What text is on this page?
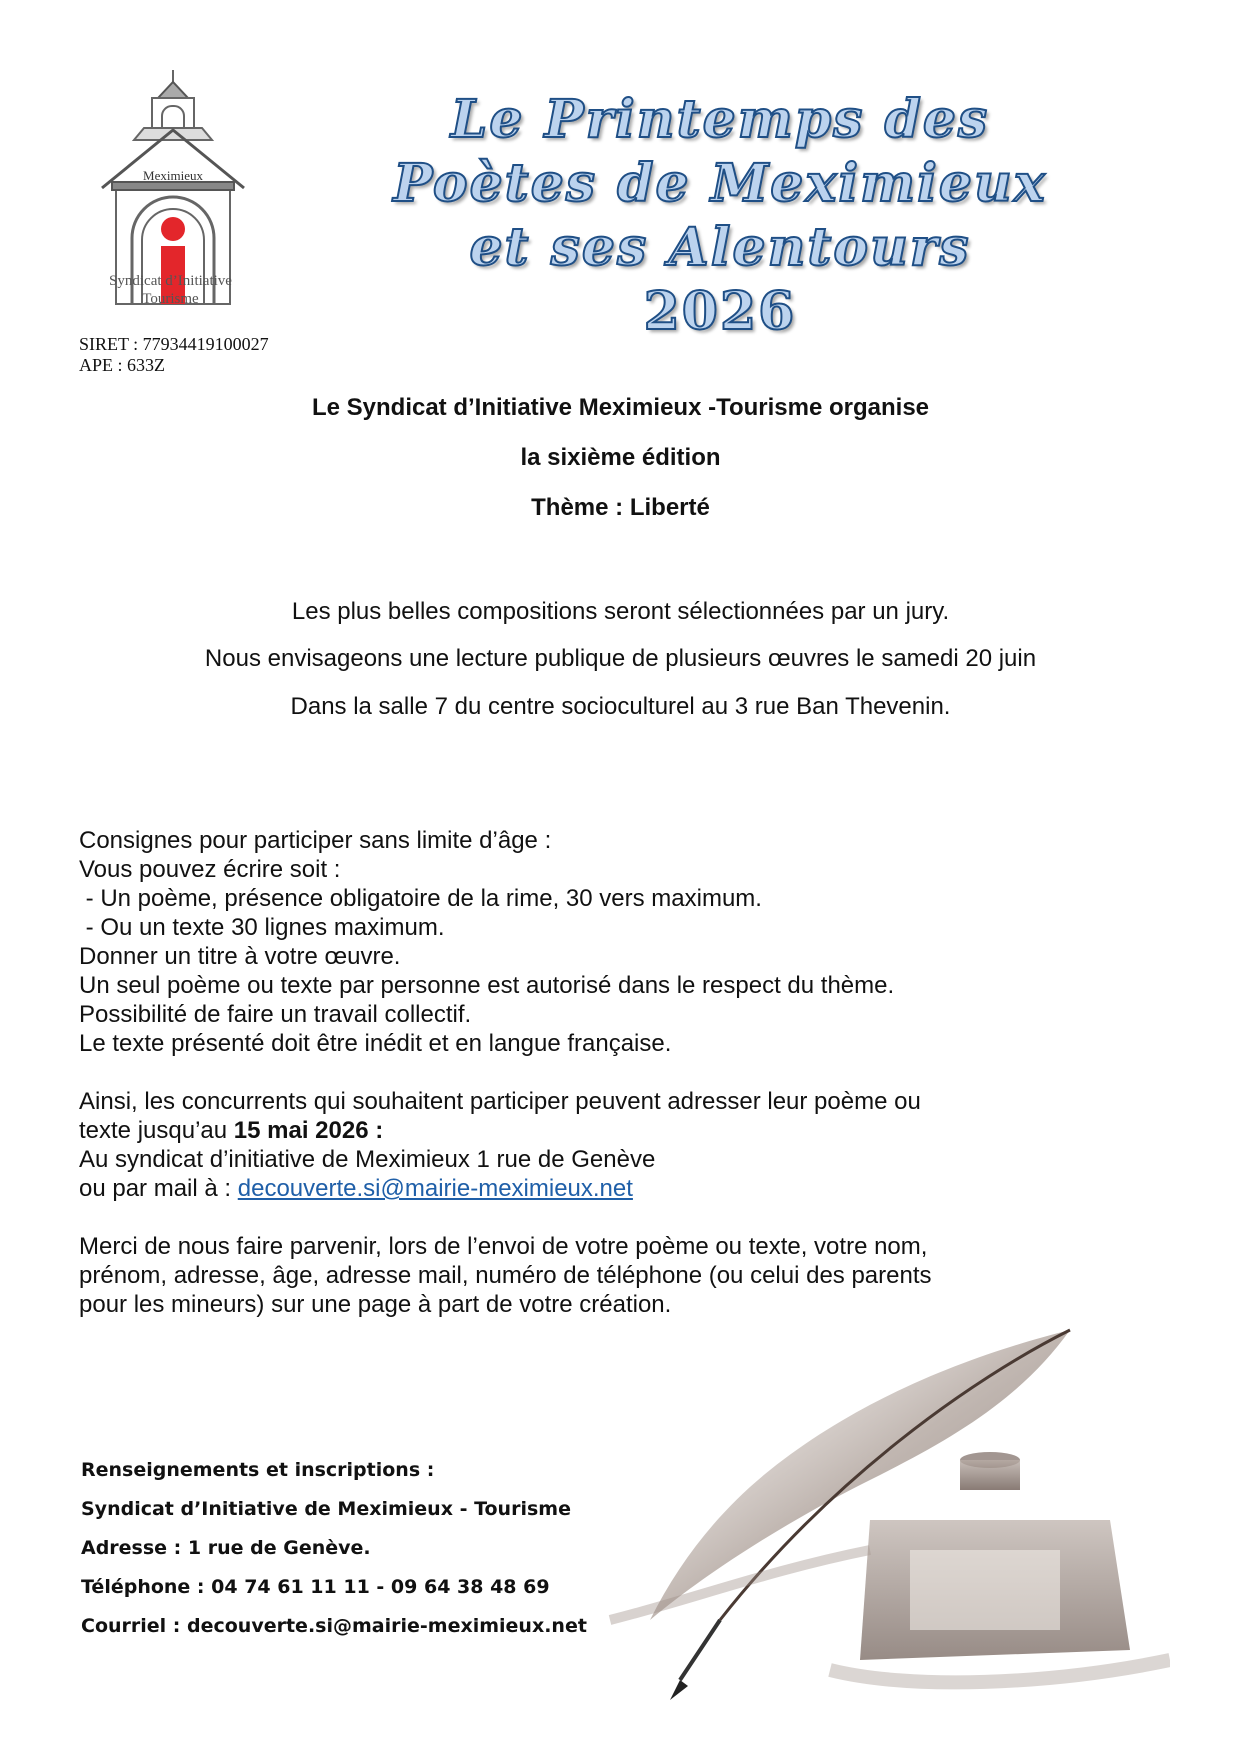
Meximieux
Syndicat d’Initiative
Tourisme
SIRET : 77934419100027
APE : 633Z
Le Printemps des
Poètes de Meximieux
et ses Alentours
2026
Le Syndicat d’Initiative Meximieux -Tourisme organise
la sixième édition
Thème : Liberté
Les plus belles compositions seront sélectionnées par un jury.
Nous envisageons une lecture publique de plusieurs œuvres le samedi 20 juin
Dans la salle 7 du centre socioculturel au 3 rue Ban Thevenin.

Consignes pour participer sans limite d’âge :

Vous pouvez écrire soit :

- Un poème, présence obligatoire de la rime, 30 vers maximum.

- Ou un texte 30 lignes maximum.

Donner un titre à votre œuvre.

Un seul poème ou texte par personne est autorisé dans le respect du thème.

Possibilité de faire un travail collectif.

Le texte présenté doit être inédit et en langue française.

Ainsi, les concurrents qui souhaitent participer peuvent adresser leur poème ou

texte jusqu’au 15 mai 2026 :

Au syndicat d’initiative de Meximieux 1 rue de Genève

ou par mail à : decouverte.si@mairie-meximieux.net

Merci de nous faire parvenir, lors de l’envoi de votre poème ou texte, votre nom,

prénom, adresse, âge, adresse mail, numéro de téléphone (ou celui des parents

pour les mineurs) sur une page à part de votre création.

Renseignements et inscriptions :
Syndicat d’Initiative de Meximieux - Tourisme
Adresse : 1 rue de Genève.
Téléphone : 04 74 61 11 11 - 09 64 38 48 69
Courriel : decouverte.si@mairie-meximieux.net
